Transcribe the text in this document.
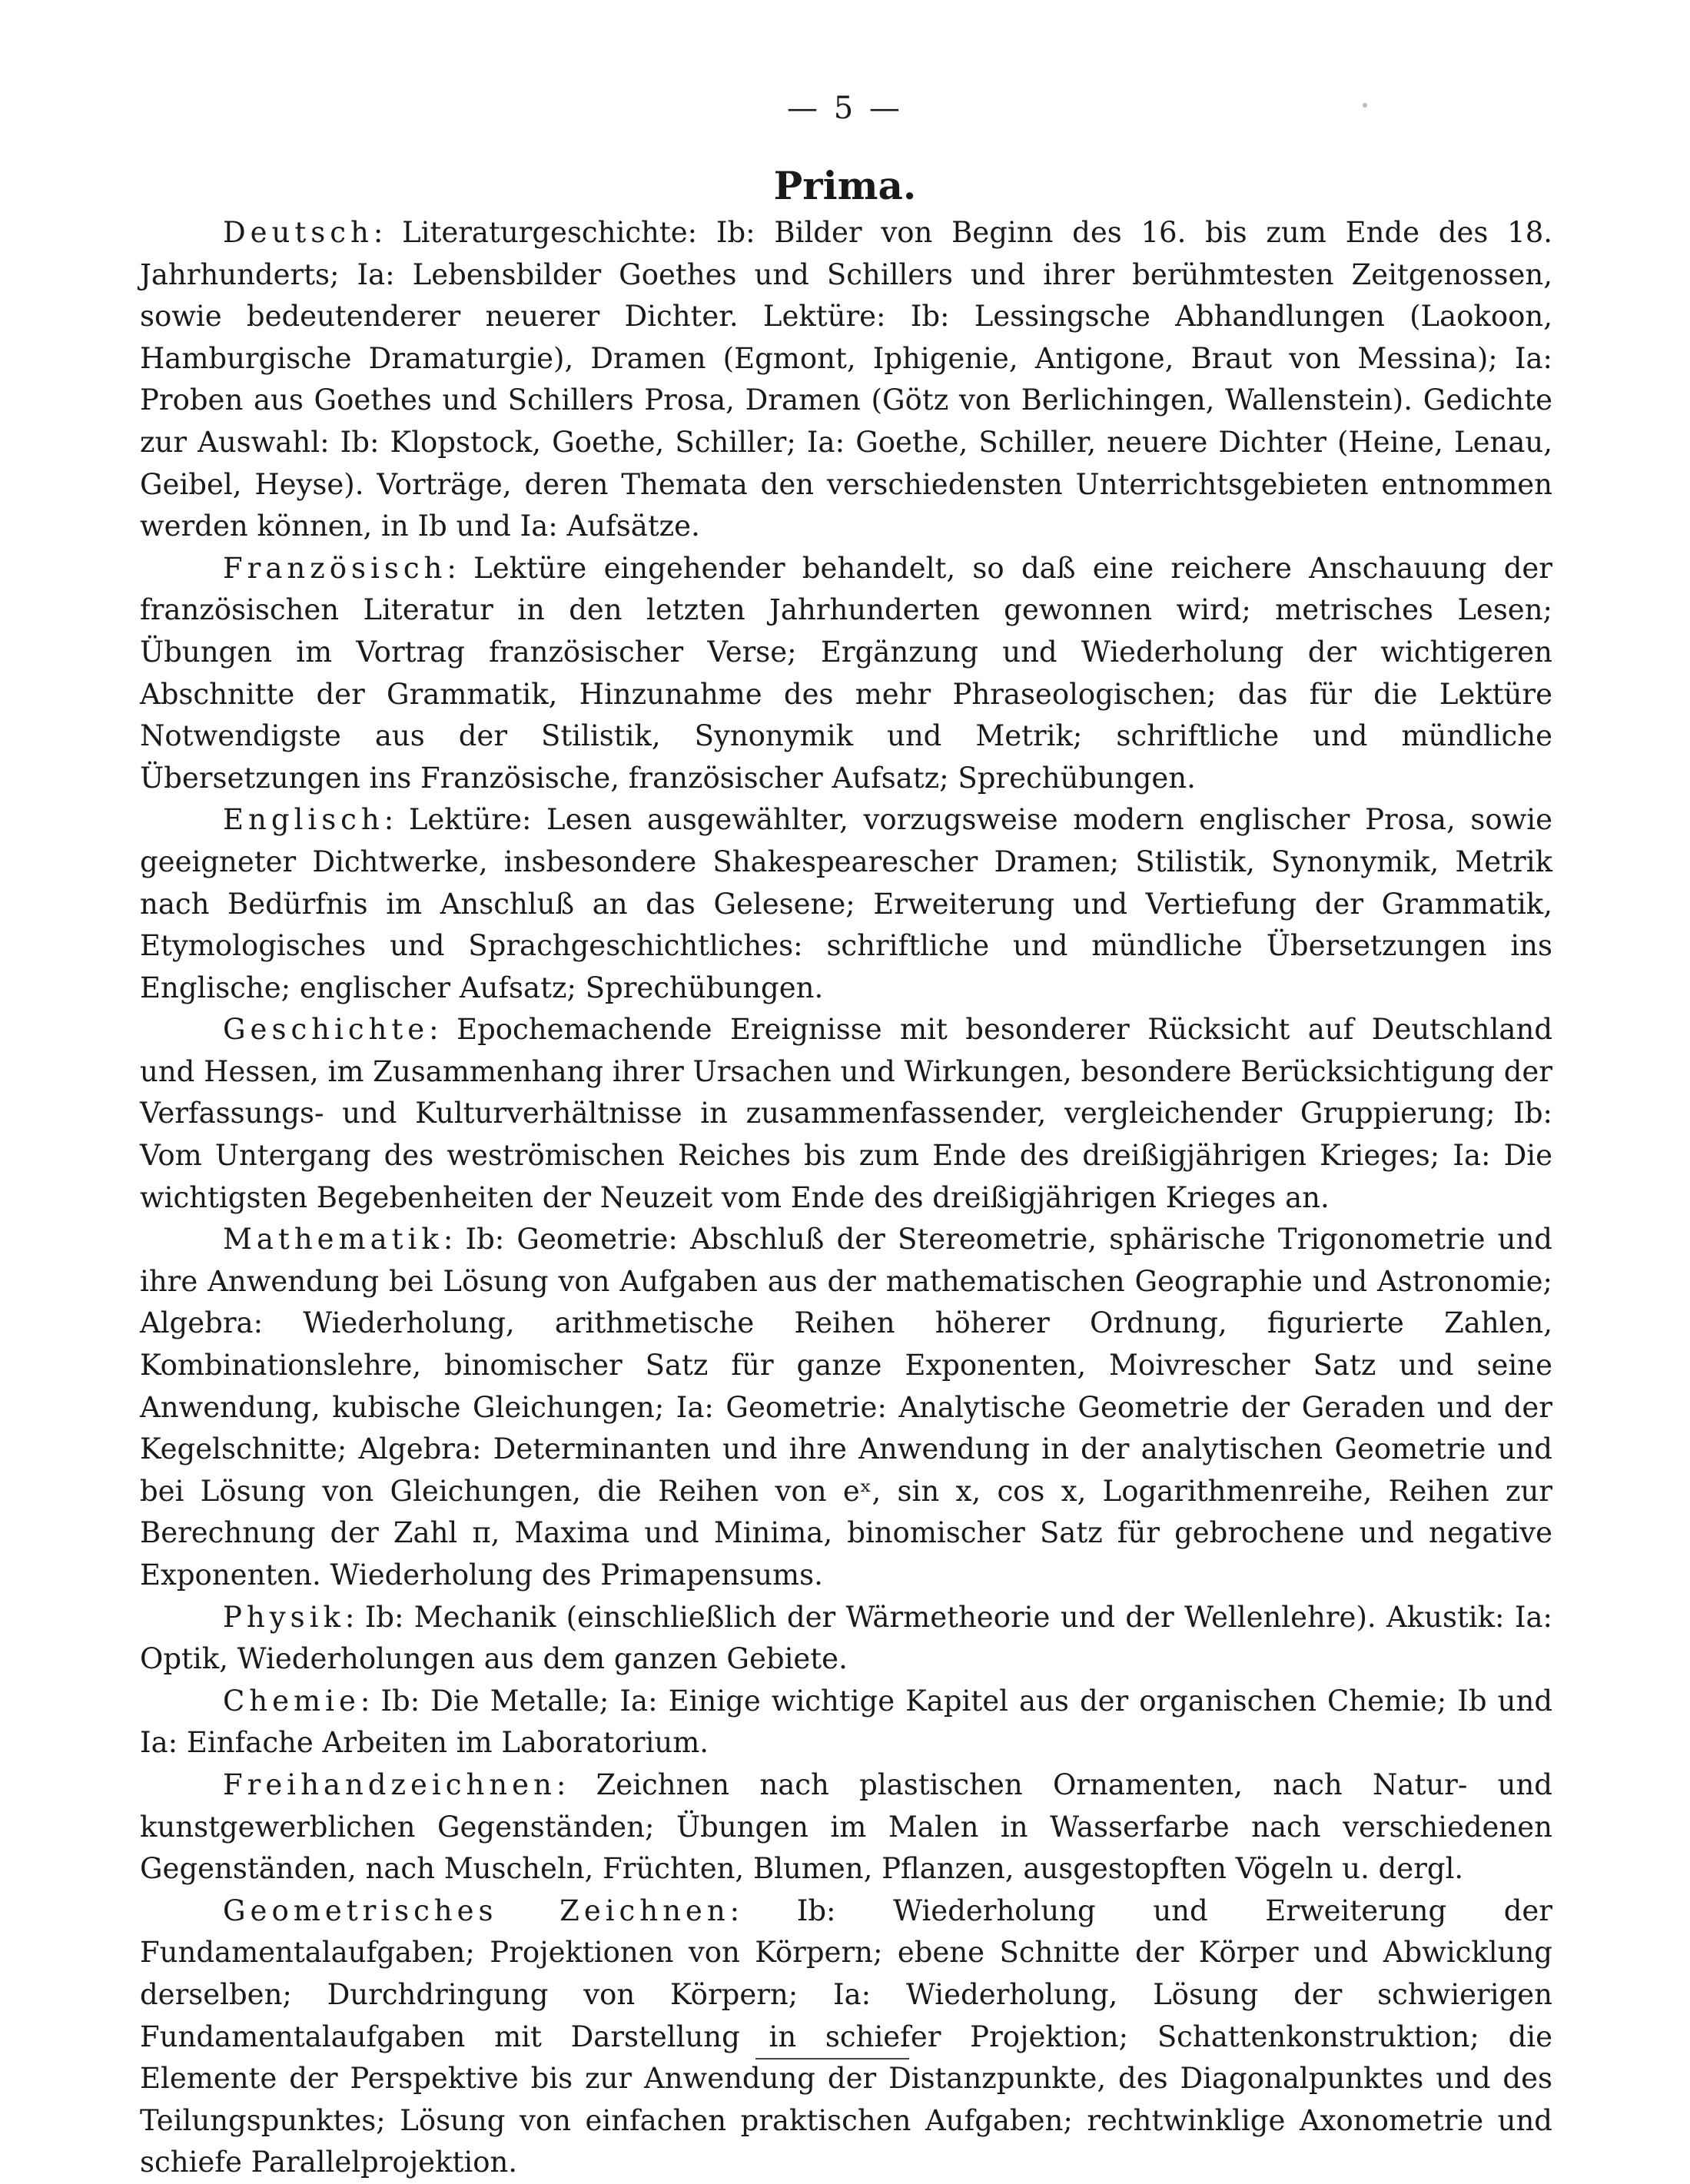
— 5 —
Prima.

Deutsch: Literaturgeschichte: Ib: Bilder von Beginn des 16. bis zum Ende des 18. Jahrhunderts; Ia: Lebensbilder Goethes und Schillers und ihrer berühmtesten Zeitgenossen, sowie bedeutenderer neuerer Dichter. Lektüre: Ib: Lessingsche Abhandlungen (Laokoon, Hamburgische Dramaturgie), Dramen (Egmont, Iphigenie, Antigone, Braut von Messina); Ia: Proben aus Goethes und Schillers Prosa, Dramen (Götz von Berlichingen, Wallenstein). Gedichte zur Auswahl: Ib: Klopstock, Goethe, Schiller; Ia: Goethe, Schiller, neuere Dichter (Heine, Lenau, Geibel, Heyse). Vorträge, deren Themata den verschiedensten Unterrichtsgebieten entnommen werden können, in Ib und Ia: Aufsätze.

Französisch: Lektüre eingehender behandelt, so daß eine reichere Anschauung der französischen Literatur in den letzten Jahrhunderten gewonnen wird; metrisches Lesen; Übungen im Vortrag französischer Verse; Ergänzung und Wiederholung der wichtigeren Abschnitte der Grammatik, Hinzunahme des mehr Phraseologischen; das für die Lektüre Notwendigste aus der Stilistik, Synonymik und Metrik; schriftliche und mündliche Übersetzungen ins Französische, französischer Aufsatz; Sprechübungen.

Englisch: Lektüre: Lesen ausgewählter, vorzugsweise modern englischer Prosa, sowie geeigneter Dichtwerke, insbesondere Shakespearescher Dramen; Stilistik, Synonymik, Metrik nach Bedürfnis im Anschluß an das Gelesene; Erweiterung und Vertiefung der Grammatik, Etymologisches und Sprachgeschichtliches: schriftliche und mündliche Übersetzungen ins Englische; englischer Aufsatz; Sprechübungen.

Geschichte: Epochemachende Ereignisse mit besonderer Rücksicht auf Deutschland und Hessen, im Zusammenhang ihrer Ursachen und Wirkungen, besondere Berücksichtigung der Verfassungs- und Kulturverhältnisse in zusammenfassender, vergleichender Gruppierung; Ib: Vom Untergang des weströmischen Reiches bis zum Ende des dreißigjährigen Krieges; Ia: Die wichtigsten Begebenheiten der Neuzeit vom Ende des dreißigjährigen Krieges an.

Mathematik: Ib: Geometrie: Abschluß der Stereometrie, sphärische Trigonometrie und ihre Anwendung bei Lösung von Aufgaben aus der mathematischen Geographie und Astronomie; Algebra: Wiederholung, arithmetische Reihen höherer Ordnung, figurierte Zahlen, Kombinationslehre, binomischer Satz für ganze Exponenten, Moivrescher Satz und seine Anwendung, kubische Gleichungen; Ia: Geometrie: Analytische Geometrie der Geraden und der Kegelschnitte; Algebra: Determinanten und ihre Anwendung in der analytischen Geometrie und bei Lösung von Gleichungen, die Reihen von eˣ, sin x, cos x, Logarithmenreihe, Reihen zur Berechnung der Zahl π, Maxima und Minima, binomischer Satz für gebrochene und negative Exponenten. Wiederholung des Primapensums.

Physik: Ib: Mechanik (einschließlich der Wärmetheorie und der Wellenlehre). Akustik: Ia: Optik, Wiederholungen aus dem ganzen Gebiete.

Chemie: Ib: Die Metalle; Ia: Einige wichtige Kapitel aus der organischen Chemie; Ib und Ia: Einfache Arbeiten im Laboratorium.

Freihandzeichnen: Zeichnen nach plastischen Ornamenten, nach Natur- und kunstgewerblichen Gegenständen; Übungen im Malen in Wasserfarbe nach verschiedenen Gegenständen, nach Muscheln, Früchten, Blumen, Pflanzen, ausgestopften Vögeln u. dergl.

Geometrisches Zeichnen: Ib: Wiederholung und Erweiterung der Fundamentalaufgaben; Projektionen von Körpern; ebene Schnitte der Körper und Abwicklung derselben; Durchdringung von Körpern; Ia: Wiederholung, Lösung der schwierigen Fundamentalaufgaben mit Darstellung in schiefer Projektion; Schattenkonstruktion; die Elemente der Perspektive bis zur Anwendung der Distanzpunkte, des Diagonalpunktes und des Teilungspunktes; Lösung von einfachen praktischen Aufgaben; rechtwinklige Axonometrie und schiefe Parallelprojektion.
